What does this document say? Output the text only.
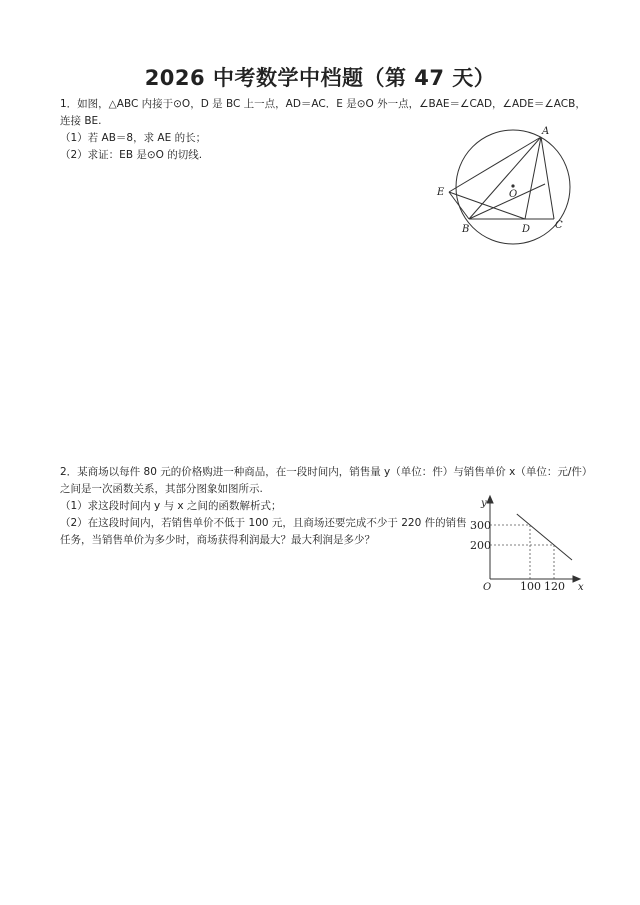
2026 中考数学中档题（第 47 天）
1．如图，△ABC 内接于⊙O，D 是 BC 上一点，AD＝AC．E 是⊙O 外一点，∠BAE＝∠CAD，∠ADE＝∠ACB，连接 BE.
（1）若 AB＝8，求 AE 的长；
（2）求证：EB 是⊙O 的切线.
A
E	O
B	D C
2．某商场以每件 80 元的价格购进一种商品，在一段时间内，销售量 y（单位：件）与销售单价 x（单位：元/件）之间是一次函数关系，其部分图象如图所示.
（1）求这段时间内 y 与 x 之间的函数解析式；
（2）在这段时间内，若销售单价不低于 100 元，且商场还要完成不少于 220 件的销售任务，当销售单价为多少时，商场获得利润最大？最大利润是多少？
y
x
O	100 120
300
200
